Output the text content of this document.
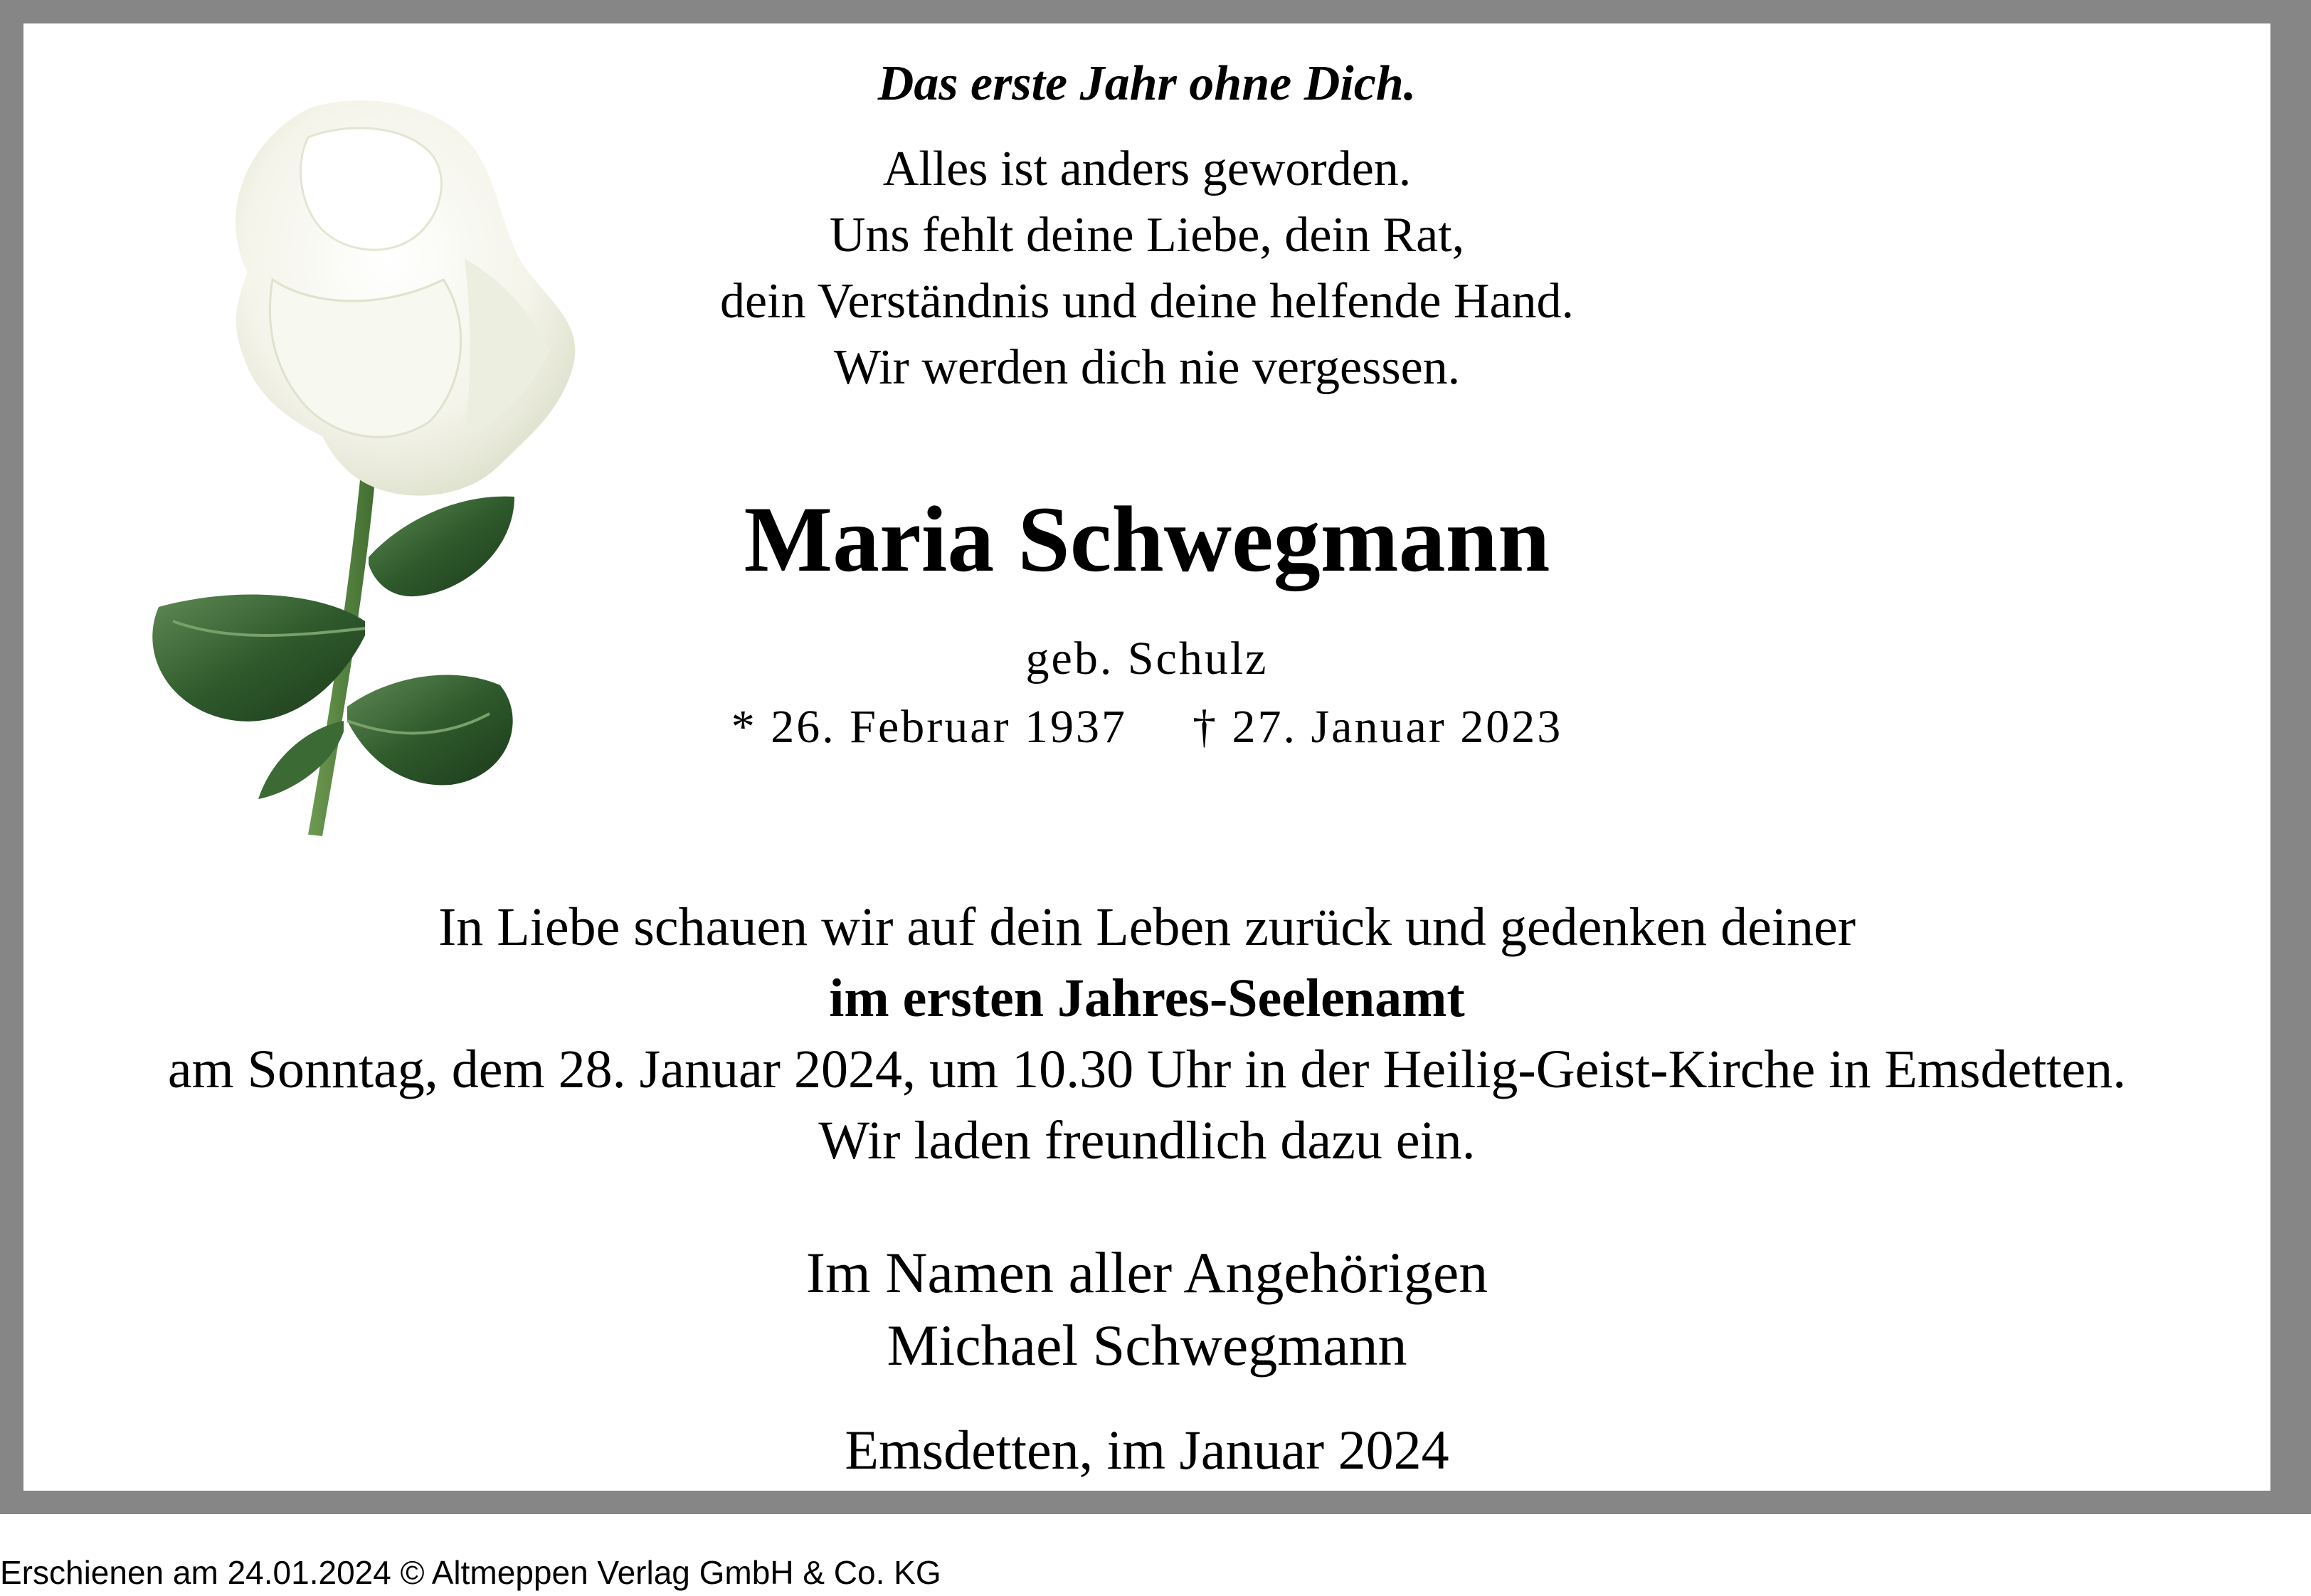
Das erste Jahr ohne Dich.

Alles ist anders geworden.
Uns fehlt deine Liebe, dein Rat,
dein Verständnis und deine helfende Hand.
Wir werden dich nie vergessen.
Maria Schwegmann

geb. Schulz

* 26. Februar 1937 † 27. Januar 2023

In Liebe schauen wir auf dein Leben zurück und gedenken deiner
im ersten Jahres-Seelenamt
am Sonntag, dem 28. Januar 2024, um 10.30 Uhr in der Heilig-Geist-Kirche in Emsdetten.
Wir laden freundlich dazu ein.
Im Namen aller Angehörigen
Michael Schwegmann

Emsdetten, im Januar 2024

Erschienen am 24.01.2024 © Altmeppen Verlag GmbH & Co. KG
